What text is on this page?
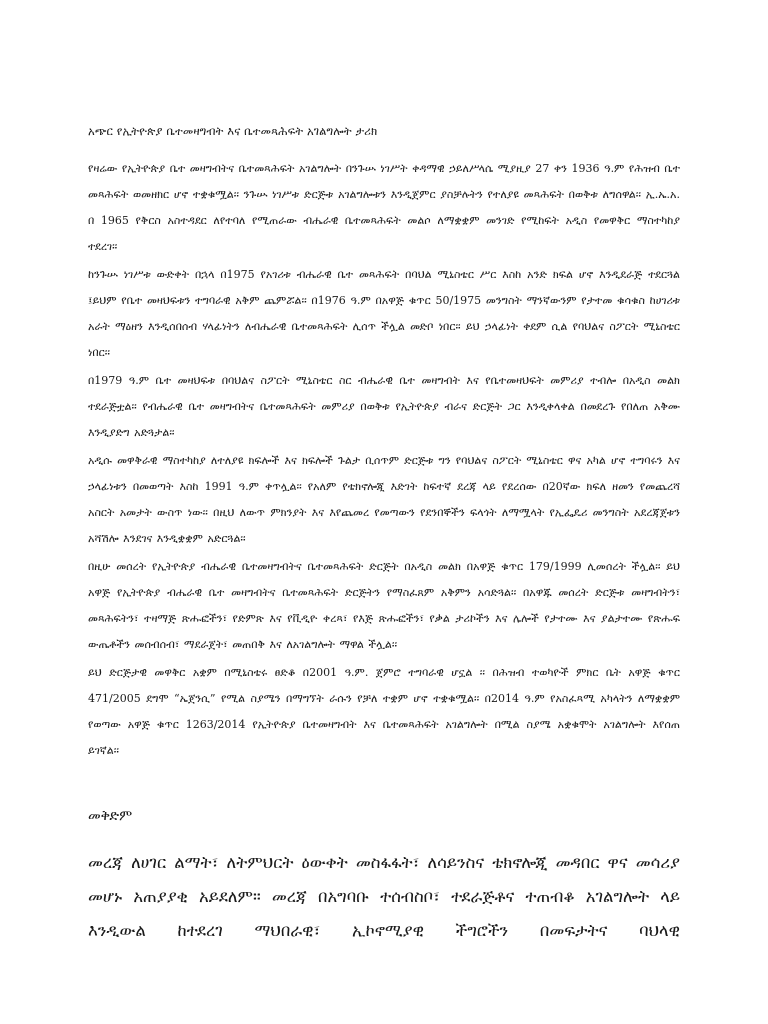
አጭር የኢትዮጵያ ቤተመዛግብት እና ቤተመጻሕፍት አገልግሎት ታሪክ

የዛሬው የኢትዮጵያ ቤተ መዛግብትና ቤተመጻሕፍት አገልግሎት በንጉሡ ነገሥት ቀዳማዊ ኃይለሥላሴ ሚያዚያ 27 ቀን 1936 ዓ.ም የሕዝብ ቤተ መጻሕፍት ወመዘክር ሆኖ ተቋቁሟል፡፡ ንጉሡ ነገሥቱ ድርጅቱ አገልግሎቱን እንዲጀምር ያስቻሉትን የተለያዩ መጻሕፍት በወቅቱ ለግሰዋል፡፡ ኢ.ኤ.አ. በ 1965 የቅርስ አስተዳደር ለየተባለ የሚጠራው ብሔራዊ ቤተመጻሕፍት መልሶ ለማቋቋም መንገድ የሚከፍት አዲስ የመዋቅር ማስተካከያ ተደረገ፡፡

ከንጉሡ ነገሥቱ ውድቀት በኋላ በ1975 የአገሪቱ ብሔራዊ ቤተ መጻሕፍት በባህል ሚኒስቴር ሥር እስከ አንድ ክፍል ሆኖ እንዲደራጅ ተደርጓል ፤ይህም የቤተ መዛህፍቱን ተግባራዊ አቅም ጨምሯል፡፡ በ1976 ዓ.ም በአዋጅ ቁጥር 50/1975 መንግስት ማንኛውንም የታተመ ቁሳቁስ ከሀገሪቱ አራት ማዕዘን እንዲሰበሰብ ሃላፊነትን ለብሔራዊ ቤተመጻሕፍት ሊሰጥ ችሏል መድቦ ነበር፡፡ ይህ ኃላፊነት ቀደም ሲል የባህልና ስፖርት ሚኒስቴር ነበር፡፡

በ1979 ዓ.ም ቤተ መዛህፍቱ በባህልና ስፖርት ሚኒስቴር ስር ብሔራዊ ቤተ መዛግብት እና የቤተመዛህፍት መምሪያ ተብሎ በአዲስ መልክ ተደራጅቷል፡፡ የብሔራዊ ቤተ መዛግብትና ቤተመጻሕፍት መምሪያ በወቅቱ የኢትዮጵያ ብራና ድርጅት ጋር እንዲቀላቀል በመደረጉ የበለጠ አቅሙ እንዲያድግ አድጓታል፡፡

አዲሱ መዋቅራዊ ማስተካከያ ለተለያዩ ክፍሎች እና ክፍሎች ጉልታ ቢሰጥም ድርጅቱ ግን የባህልና ስፖርት ሚኒስቴር ዋና አካል ሆኖ ተግባሩን እና ኃላፊነቱን በመወጣት እስከ 1991 ዓ.ም ቀጥሏል፡፡ የአለም የቴክኖሎጂ እድገት ከፍተኛ ደረጃ ላይ የደረሰው በ20ኛው ክፍለ ዘመን የመጨረሻ አስርት አመታት ውስጥ ነው፡፡ በዚህ ለውጥ ምክንያት እና እየጨመረ የመጣውን የደንበኞችን ፍላጎት ለማሟላት የኢፌዴሪ መንግስት አደረጃጀቱን አሻሽሎ እንደገና እንዲቋቋም አድርጓል፡፡

በዚሁ መሰረት የኢትዮጵያ ብሔራዊ ቤተመዛግብትና ቤተመጻሕፍት ድርጅት በአዲስ መልክ በአዋጅ ቁጥር 179/1999 ሊመሰረት ችሏል፡፡ ይህ አዋጅ የኢትዮጵያ ብሔራዊ ቤተ መዛግብትና ቤተመጻሕፍት ድርጅትን የማስፈጸም አቅምን አሳድጓል፡፡ በአዋጁ መሰረት ድርጅቱ መዛግብትን፣ መጻሕፍትን፣ ተዛማጅ ጽሑፎችን፣ የድምጽ እና የቪዲዮ ቀረጻ፣ የእጅ ጽሑፎችን፣ የቃል ታሪኮችን እና ሌሎች የታተሙ እና ያልታተሙ የጽሑፍ ውጤቶችን መሰብሰብ፣ ማደራጀት፣ መጠበቅ እና ለአገልግሎት ማዋል ችሏል፡፡

ይህ ድርጅታዊ መዋቅር አቋም በሚኒስቴሩ ፀድቆ በ2001 ዓ.ም. ጀምሮ ተግባራዊ ሆኗል ፡፡ በሕዝብ ተወካዮች ምክር ቤት አዋጅ ቁጥር 471/2005 ደግሞ “ኤጀንሲ” የሚል ስያሜን በማግኘት ራሱን የቻለ ተቋም ሆኖ ተቋቁሟል፡፡ በ2014 ዓ.ም የአስፈጻሚ አካላትን ለማቋቋም የወጣው አዋጅ ቁጥር 1263/2014 የኢትዮጵያ ቤተመዛግብት እና ቤተመጻሕፍት አገልግሎት በሚል ስያሜ አቋቁሞት አገልግሎት እየሰጠ ይገኛል፡፡

መቅድም

መረጃ ለሀገር ልማት፣ ለትምህርት ዕውቀት መስፋፋት፣ ለሳይንስና ቴክኖሎጂ መዳበር ዋና መሳሪያ መሆኑ አጠያያቂ አይደለም። መረጃ በአግባቡ ተሰብስቦ፣ ተደራጅቶና ተጠብቆ አገልግሎት ላይ እንዲውል ከተደረገ ማህበራዊ፣ ኢኮኖሚያዊ ችግሮችን በመፍታትና ባህላዊ
